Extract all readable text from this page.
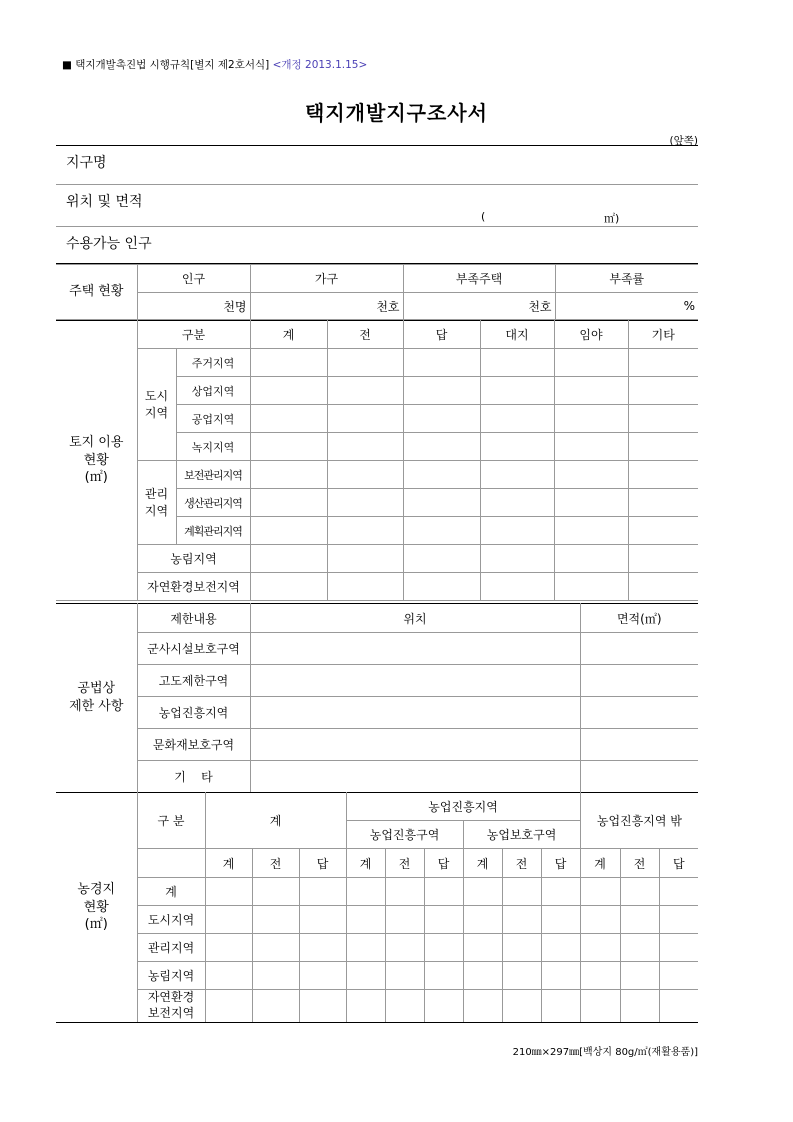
■ 택지개발촉진법 시행규칙[별지 제2호서식] <개정 2013.1.15>
택지개발지구조사서
(앞쪽)
지구명
위치 및 면적
(	㎡)
수용가능 인구
주택 현황	인구	가구	부족주택	부족률
	천명	천호	천호	%
토지 이용
현황
(㎡)	구분		계	전	답	대지	임야	기타

	도시
지역	주거지역						
		상업지역						
		공업지역						
		녹지지역						

	관리
지역	보전관리지역						
		생산관리지역						
		계획관리지역						
	농림지역							
	자연환경보전지역							
공법상
제한 사항	제한내용	위치	면적(㎡)
	군사시설보호구역		
	고도제한구역		
	농업진흥지역		
	문화재보호구역		
	기    타		
농경지
현황
(㎡)	구 분	계			농업진흥지역						농업진흥지역 밖		
					농업진흥구역			농업보호구역					
		계	전	답	계	전	답	계	전	답	계	전	답
	계												
	도시지역												
	관리지역												
	농림지역												

	자연환경
보전지역												

210㎜×297㎜[백상지 80g/㎡(재활용품)]
